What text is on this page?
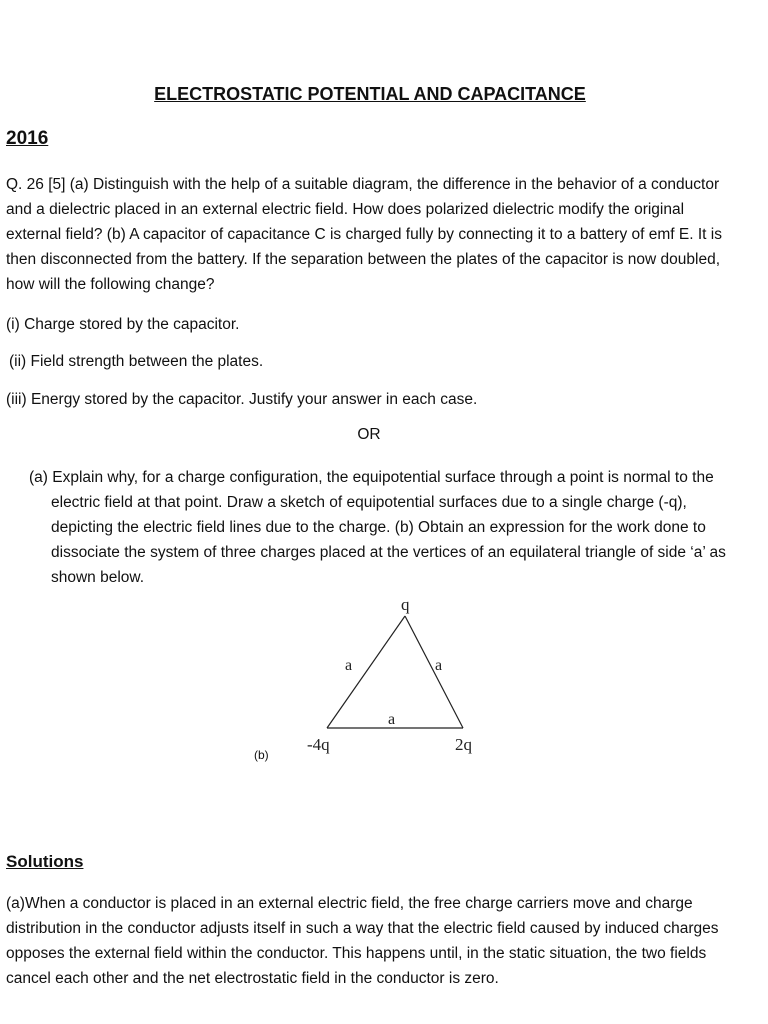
ELECTROSTATIC POTENTIAL AND CAPACITANCE
2016
Q. 26 [5] (a) Distinguish with the help of a suitable diagram, the difference in the behavior of a conductor and a dielectric placed in an external electric field. How does polarized dielectric modify the original external field? (b) A capacitor of capacitance C is charged fully by connecting it to a battery of emf E. It is then disconnected from the battery. If the separation between the plates of the capacitor is now doubled, how will the following change?
(i) Charge stored by the capacitor.
(ii) Field strength between the plates.
(iii) Energy stored by the capacitor. Justify your answer in each case.
OR
(a) Explain why, for a charge configuration, the equipotential surface through a point is normal to the electric field at that point. Draw a sketch of equipotential surfaces due to a single charge (-q), depicting the electric field lines due to the charge. (b) Obtain an expression for the work done to dissociate the system of three charges placed at the vertices of an equilateral triangle of side ‘a’ as shown below.
q
a	a
a
-4q	2q
(b)
Solutions
(a)When a conductor is placed in an external electric field, the free charge carriers move and charge distribution in the conductor adjusts itself in such a way that the electric field caused by induced charges opposes the external field within the conductor. This happens until, in the static situation, the two fields cancel each other and the net electrostatic field in the conductor is zero.
